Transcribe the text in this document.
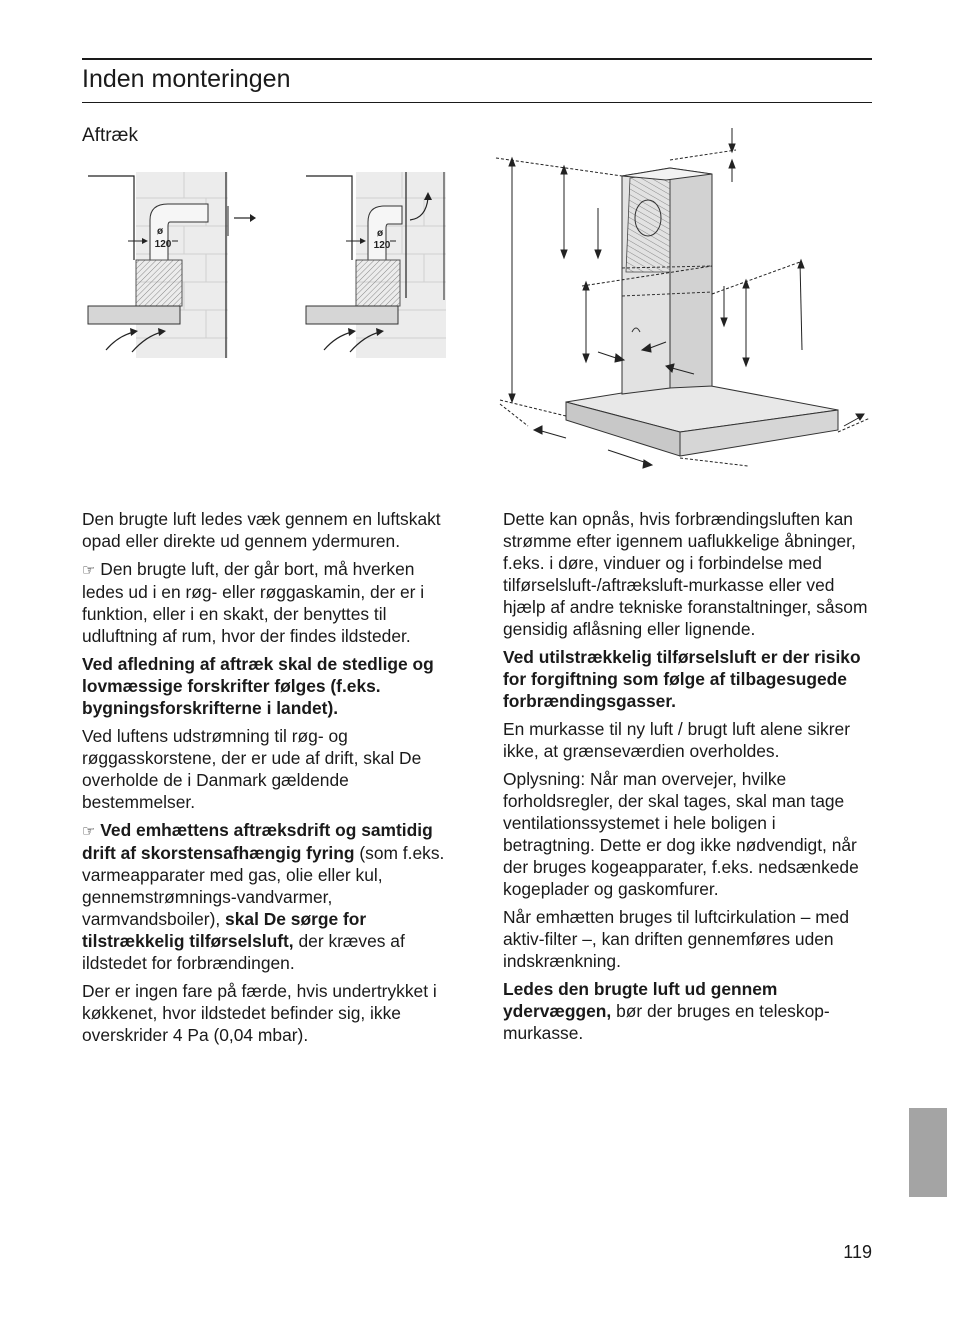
Inden monteringen
Aftræk
ø
120
ø
120

Den brugte luft ledes væk gennem en luftskakt opad eller direkte ud gennem ydermuren.

☞ Den brugte luft, der går bort, må hverken ledes ud i en røg- eller røggaskamin, der er i funktion, eller i en skakt, der benyttes til udluftning af rum, hvor der findes ildsteder.

Ved afledning af aftræk skal de stedlige og lovmæssige forskrifter følges (f.eks. bygningsforskrifterne i landet).

Ved luftens udstrømning til røg- og røggasskorstene, der er ude af drift, skal De overholde de i Danmark gældende bestemmelser.

☞ Ved emhættens aftræksdrift og samtidig drift af skorstensafhængig fyring (som f.eks. varmeapparater med gas, olie eller kul, gennemstrømnings-vandvarmer, varmvandsboiler), skal De sørge for tilstrækkelig tilførselsluft, der kræves af ildstedet for forbrændingen.

Der er ingen fare på færde, hvis undertrykket i køkkenet, hvor ildstedet befinder sig, ikke overskrider 4 Pa (0,04 mbar).

Dette kan opnås, hvis forbrændingsluften kan strømme efter igennem uaflukkelige åbninger, f.eks. i døre, vinduer og i forbindelse med tilførselsluft-/aftræksluft-murkasse eller ved hjælp af andre tekniske foranstaltninger, såsom gensidig aflåsning eller lignende.

Ved utilstrækkelig tilførselsluft er der risiko for forgiftning som følge af tilbagesugede forbrændingsgasser.

En murkasse til ny luft / brugt luft alene sikrer ikke, at grænseværdien overholdes.

Oplysning: Når man overvejer, hvilke forholdsregler, der skal tages, skal man tage ventilationssystemet i hele boligen i betragtning. Dette er dog ikke nødvendigt, når der bruges kogeapparater, f.eks. nedsænkede kogeplader og gaskomfurer.

Når emhætten bruges til luftcirkulation – med aktiv-filter –, kan driften gennemføres uden indskrænkning.

Ledes den brugte luft ud gennem ydervæggen, bør der bruges en teleskop-murkasse.

119
